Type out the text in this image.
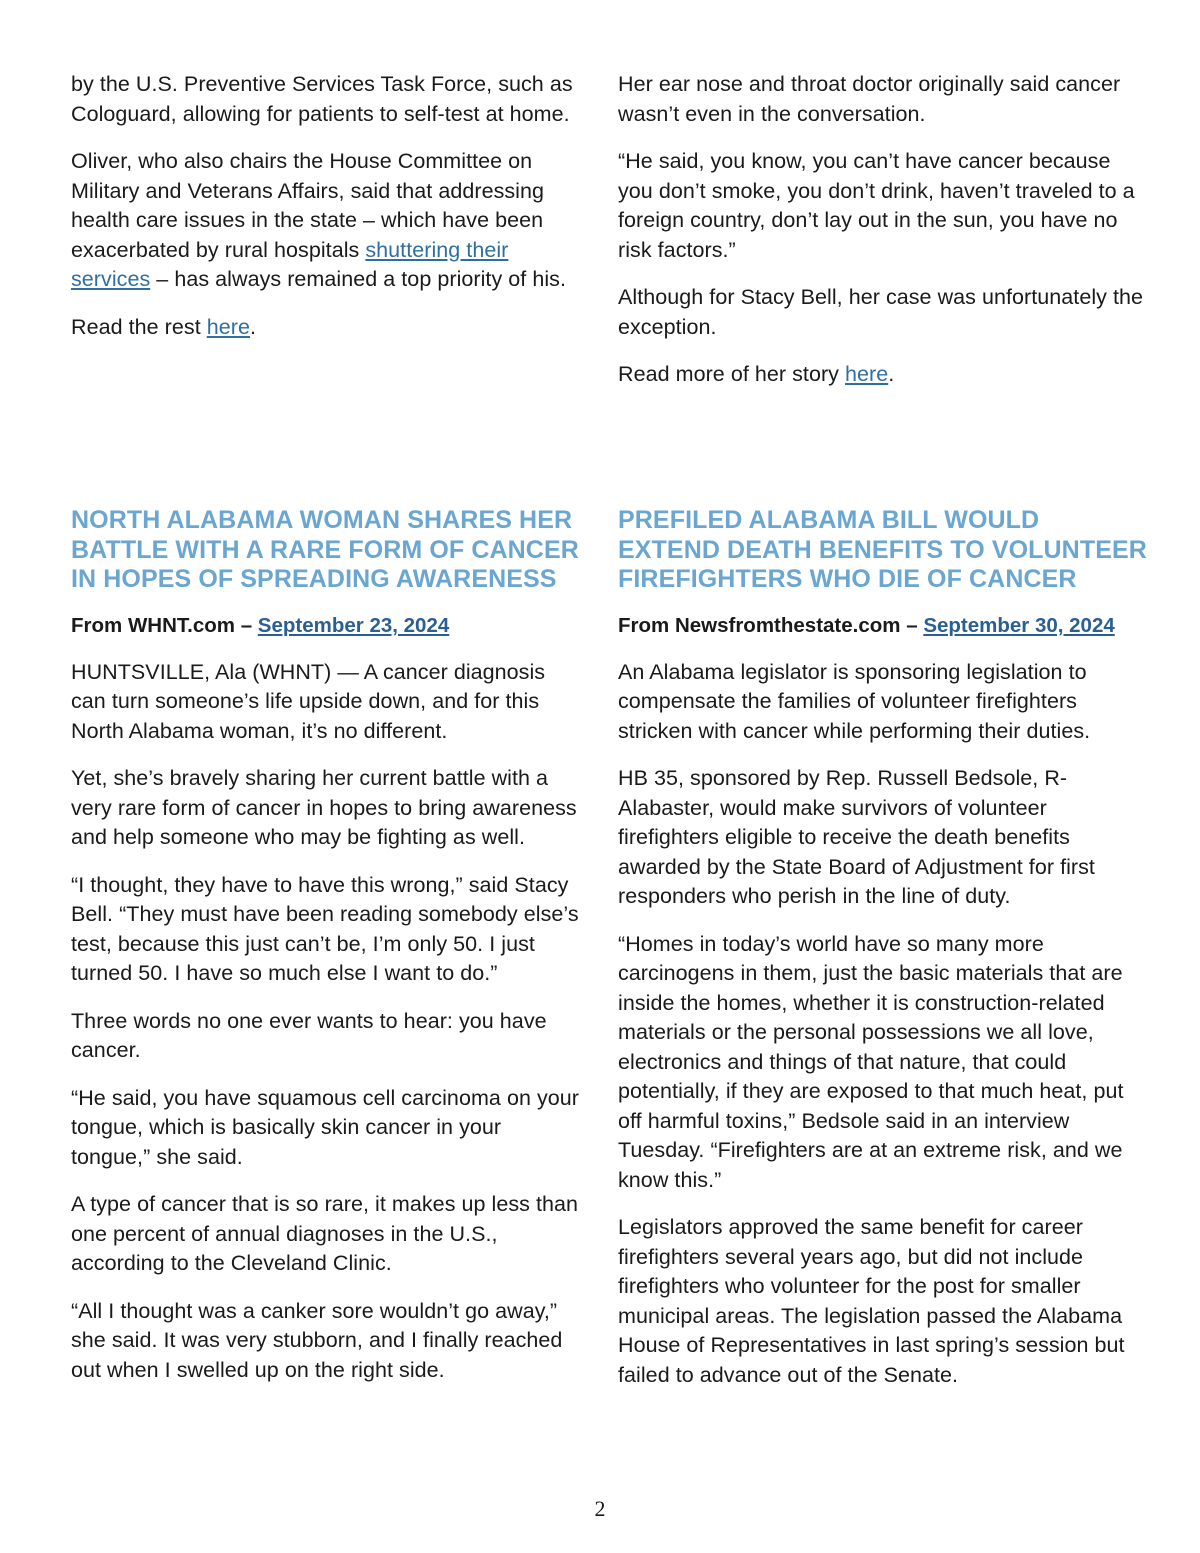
by the U.S. Preventive Services Task Force, such as Cologuard, allowing for patients to self-test at home.

Oliver, who also chairs the House Committee on Military and Veterans Affairs, said that addressing health care issues in the state – which have been exacerbated by rural hospitals shuttering their services – has always remained a top priority of his.

Read the rest here.

Her ear nose and throat doctor originally said cancer wasn’t even in the conversation.

“He said, you know, you can’t have cancer because you don’t smoke, you don’t drink, haven’t traveled to a foreign country, don’t lay out in the sun, you have no risk factors.”

Although for Stacy Bell, her case was unfortunately the exception.

Read more of her story here.

NORTH ALABAMA WOMAN SHARES HER BATTLE WITH A RARE FORM OF CANCER IN HOPES OF SPREADING AWARENESS

From WHNT.com – September 23, 2024

HUNTSVILLE, Ala (WHNT) — A cancer diagnosis can turn someone’s life upside down, and for this North Alabama woman, it’s no different.

Yet, she’s bravely sharing her current battle with a very rare form of cancer in hopes to bring awareness and help someone who may be fighting as well.

“I thought, they have to have this wrong,” said Stacy Bell. “They must have been reading somebody else’s test, because this just can’t be, I’m only 50. I just turned 50. I have so much else I want to do.”

Three words no one ever wants to hear: you have cancer.

“He said, you have squamous cell carcinoma on your tongue, which is basically skin cancer in your tongue,” she said.

A type of cancer that is so rare, it makes up less than one percent of annual diagnoses in the U.S., according to the Cleveland Clinic.

“All I thought was a canker sore wouldn’t go away,” she said. It was very stubborn, and I finally reached out when I swelled up on the right side.

PREFILED ALABAMA BILL WOULD EXTEND DEATH BENEFITS TO VOLUNTEER FIREFIGHTERS WHO DIE OF CANCER

From Newsfromthestate.com – September 30, 2024

An Alabama legislator is sponsoring legislation to compensate the families of volunteer firefighters stricken with cancer while performing their duties.

HB 35, sponsored by Rep. Russell Bedsole, R-Alabaster, would make survivors of volunteer firefighters eligible to receive the death benefits awarded by the State Board of Adjustment for first responders who perish in the line of duty.

“Homes in today’s world have so many more carcinogens in them, just the basic materials that are inside the homes, whether it is construction-related materials or the personal possessions we all love, electronics and things of that nature, that could potentially, if they are exposed to that much heat, put off harmful toxins,” Bedsole said in an interview Tuesday. “Firefighters are at an extreme risk, and we know this.”

Legislators approved the same benefit for career firefighters several years ago, but did not include firefighters who volunteer for the post for smaller municipal areas. The legislation passed the Alabama House of Representatives in last spring’s session but failed to advance out of the Senate.

2
